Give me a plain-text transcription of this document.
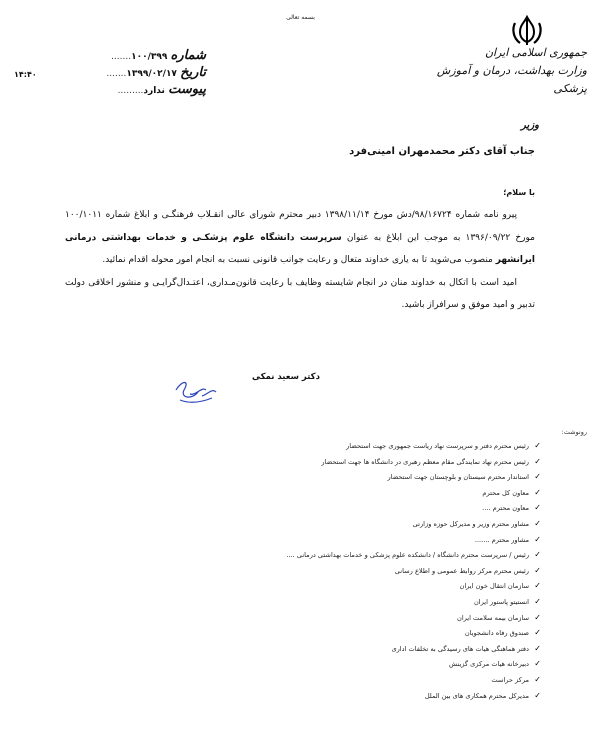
بسمه تعالی
جمهوری اسلامی ایران
وزارت بهداشت، درمان و آموزش پزشکی
شماره ۱۰۰/۳۹۹.......
تاریخ ۱۳۹۹/۰۲/۱۷.......
پیوست ندارد.........
۱۴:۴۰
وزیر
جناب آقای دکتر محمدمهران امینی‌فرد
با سلام؛

پیرو نامه شماره ۹۸/۱۶۷۲۴/دش مورخ ۱۳۹۸/۱۱/۱۴ دبیر محترم شورای عالی انقـلاب فرهنگـی و ابلاغ شماره ۱۰۰/۱۰۱۱ مورخ ۱۳۹۶/۰۹/۲۲ به موجب این ابلاغ به عنوان سرپرست دانشگاه علوم پزشکـی و خدمات بهداشتی درمانی ایرانشهر منصوب می‌شوید تا به یاری خداوند متعال و رعایت جوانب قانونی نسبت به انجام امور محوله اقدام نمائید.

امید است با اتکال به خداوند منان در انجام شایسته وظایف با رعایت قانون‌مـداری، اعتـدال‌گرایـی و منشور اخلاقی دولت تدبیر و امید موفق و سرافراز باشید.

دکتر سعید نمکی
رونوشت:
✓رئیس محترم دفتر و سرپرست نهاد ریاست جمهوری جهت استحضار
✓رئیس محترم نهاد نمایندگی مقام معظم رهبری در دانشگاه ها جهت استحضار
✓استاندار محترم سیستان و بلوچستان جهت استحضار
✓معاون کل محترم
✓معاون محترم ....
✓مشاور محترم وزیر و مدیرکل حوزه وزارتی
✓مشاور محترم .......
✓رئیس / سرپرست محترم دانشگاه / دانشکده علوم پزشکی و خدمات بهداشتی درمانی ....
✓رئیس محترم مرکز روابط عمومی و اطلاع رسانی
✓سازمان انتقال خون ایران
✓انستیتو پاستور ایران
✓سازمان بیمه سلامت ایران
✓صندوق رفاه دانشجویان
✓دفتر هماهنگی هیات های رسیدگی به تخلفات اداری
✓دبیرخانه هیات مرکزی گزینش
✓مرکز حراست
✓مدیرکل محترم همکاری های بین الملل
